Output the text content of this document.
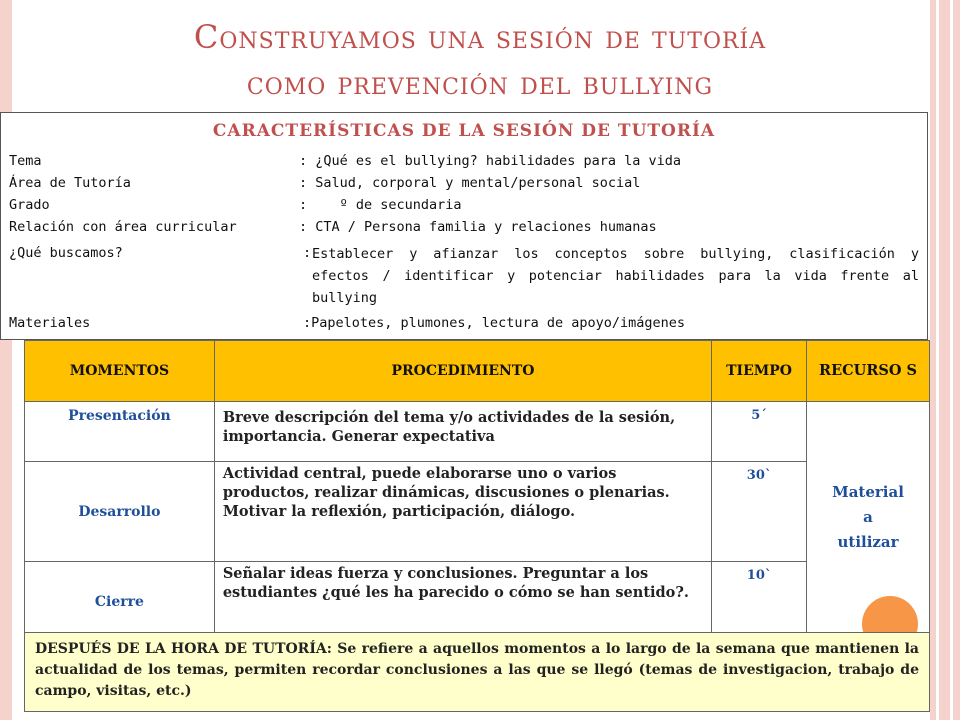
Construyamos una sesión de tutoría
como prevención del bullying
CARACTERÍSTICAS DE LA SESIÓN DE TUTORÍA
Tema	: ¿Qué es el bullying? habilidades para la vida
Área de Tutoría	: Salud, corporal y mental/personal social
Grado	:    º de secundaria
Relación con área curricular	: CTA / Persona familia y relaciones humanas
¿Qué buscamos?	: Establecer y afianzar los conceptos sobre bullying, clasificación y efectos / identificar y potenciar habilidades para la vida frente al bullying
Materiales	:Papelotes, plumones, lectura de apoyo/imágenes
MOMENTOS	PROCEDIMIENTO	TIEMPO	RECURSO S
Presentación	Breve descripción del tema y/o actividades de la sesión, importancia. Generar expectativa	5´	Material
a
utilizar

Desarrollo	Actividad central, puede elaborarse uno o varios productos, realizar dinámicas, discusiones o plenarias. Motivar la reflexión, participación, diálogo.	30`	
Cierre	Señalar ideas fuerza y conclusiones. Preguntar a los estudiantes ¿qué les ha parecido o cómo se han sentido?.	10`	
DESPUÉS DE LA HORA DE TUTORÍA: Se refiere a aquellos momentos a lo largo de la semana que mantienen la actualidad de los temas, permiten recordar conclusiones a las que se llegó (temas de investigacion, trabajo de campo, visitas, etc.)
